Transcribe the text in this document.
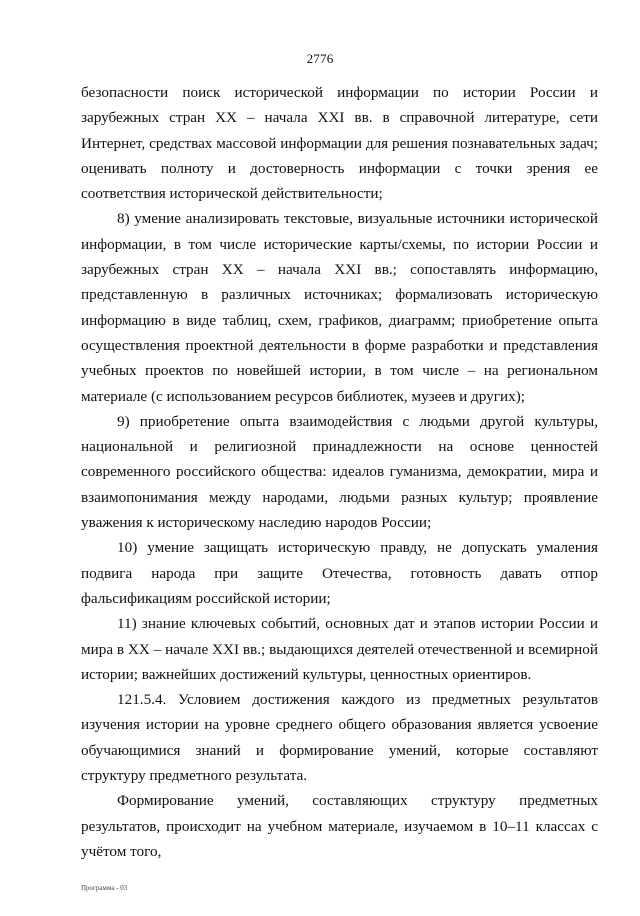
2776

безопасности поиск исторической информации по истории России и зарубежных стран XX – начала XXI вв. в справочной литературе, сети Интернет, средствах массовой информации для решения познавательных задач; оценивать полноту и достоверность информации с точки зрения ее соответствия исторической действительности;

8) умение анализировать текстовые, визуальные источники исторической информации, в том числе исторические карты/схемы, по истории России и зарубежных стран XX – начала XXI вв.; сопоставлять информацию, представленную в различных источниках; формализовать историческую информацию в виде таблиц, схем, графиков, диаграмм; приобретение опыта осуществления проектной деятельности в форме разработки и представления учебных проектов по новейшей истории, в том числе – на региональном материале (с использованием ресурсов библиотек, музеев и других);

9) приобретение опыта взаимодействия с людьми другой культуры, национальной и религиозной принадлежности на основе ценностей современного российского общества: идеалов гуманизма, демократии, мира и взаимопонимания между народами, людьми разных культур; проявление уважения к историческому наследию народов России;

10) умение защищать историческую правду, не допускать умаления подвига народа при защите Отечества, готовность давать отпор фальсификациям российской истории;

11) знание ключевых событий, основных дат и этапов истории России и мира в XX – начале XXI вв.; выдающихся деятелей отечественной и всемирной истории; важнейших достижений культуры, ценностных ориентиров.

121.5.4. Условием достижения каждого из предметных результатов изучения истории на уровне среднего общего образования является усвоение обучающимися знаний и формирование умений, которые составляют структуру предметного результата.

Формирование умений, составляющих структуру предметных результатов, происходит на учебном материале, изучаемом в 10–11 классах с учётом того,

Программа - 03
